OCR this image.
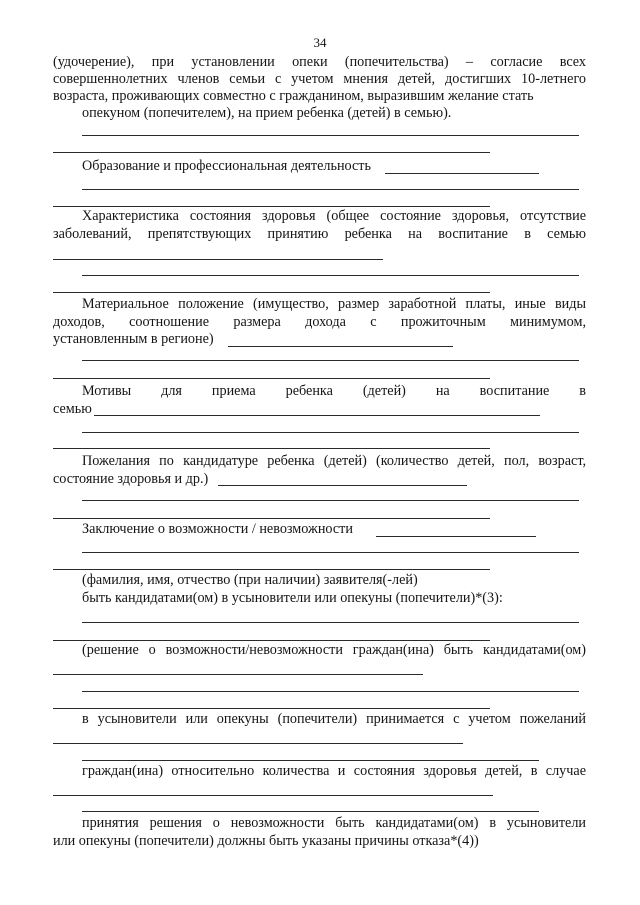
34
(удочерение), при установлении опеки (попечительства) – согласие всех
совершеннолетних членов семьи с учетом мнения детей, достигших 10-летнего
возраста, проживающих совместно с гражданином, выразившим желание стать
опекуном (попечителем), на прием ребенка (детей) в семью).
Образование и профессиональная деятельность
Характеристика состояния здоровья (общее состояние здоровья, отсутствие
заболеваний, препятствующих принятию ребенка на воспитание в семью
Материальное положение (имущество, размер заработной платы, иные виды
доходов, соотношение размера дохода с прожиточным минимумом,
установленным в регионе)
Мотивы для приема ребенка (детей) на воспитание в
семью
Пожелания по кандидатуре ребенка (детей) (количество детей, пол, возраст,
состояние здоровья и др.)
Заключение о возможности / невозможности
(фамилия, имя, отчество (при наличии) заявителя(-лей)
быть кандидатами(ом) в усыновители или опекуны (попечители)*(3):
(решение о возможности/невозможности граждан(ина) быть кандидатами(ом)
в усыновители или опекуны (попечители) принимается с учетом пожеланий
граждан(ина) относительно количества и состояния здоровья детей, в случае
принятия решения о невозможности быть кандидатами(ом) в усыновители
или опекуны (попечители) должны быть указаны причины отказа*(4))
